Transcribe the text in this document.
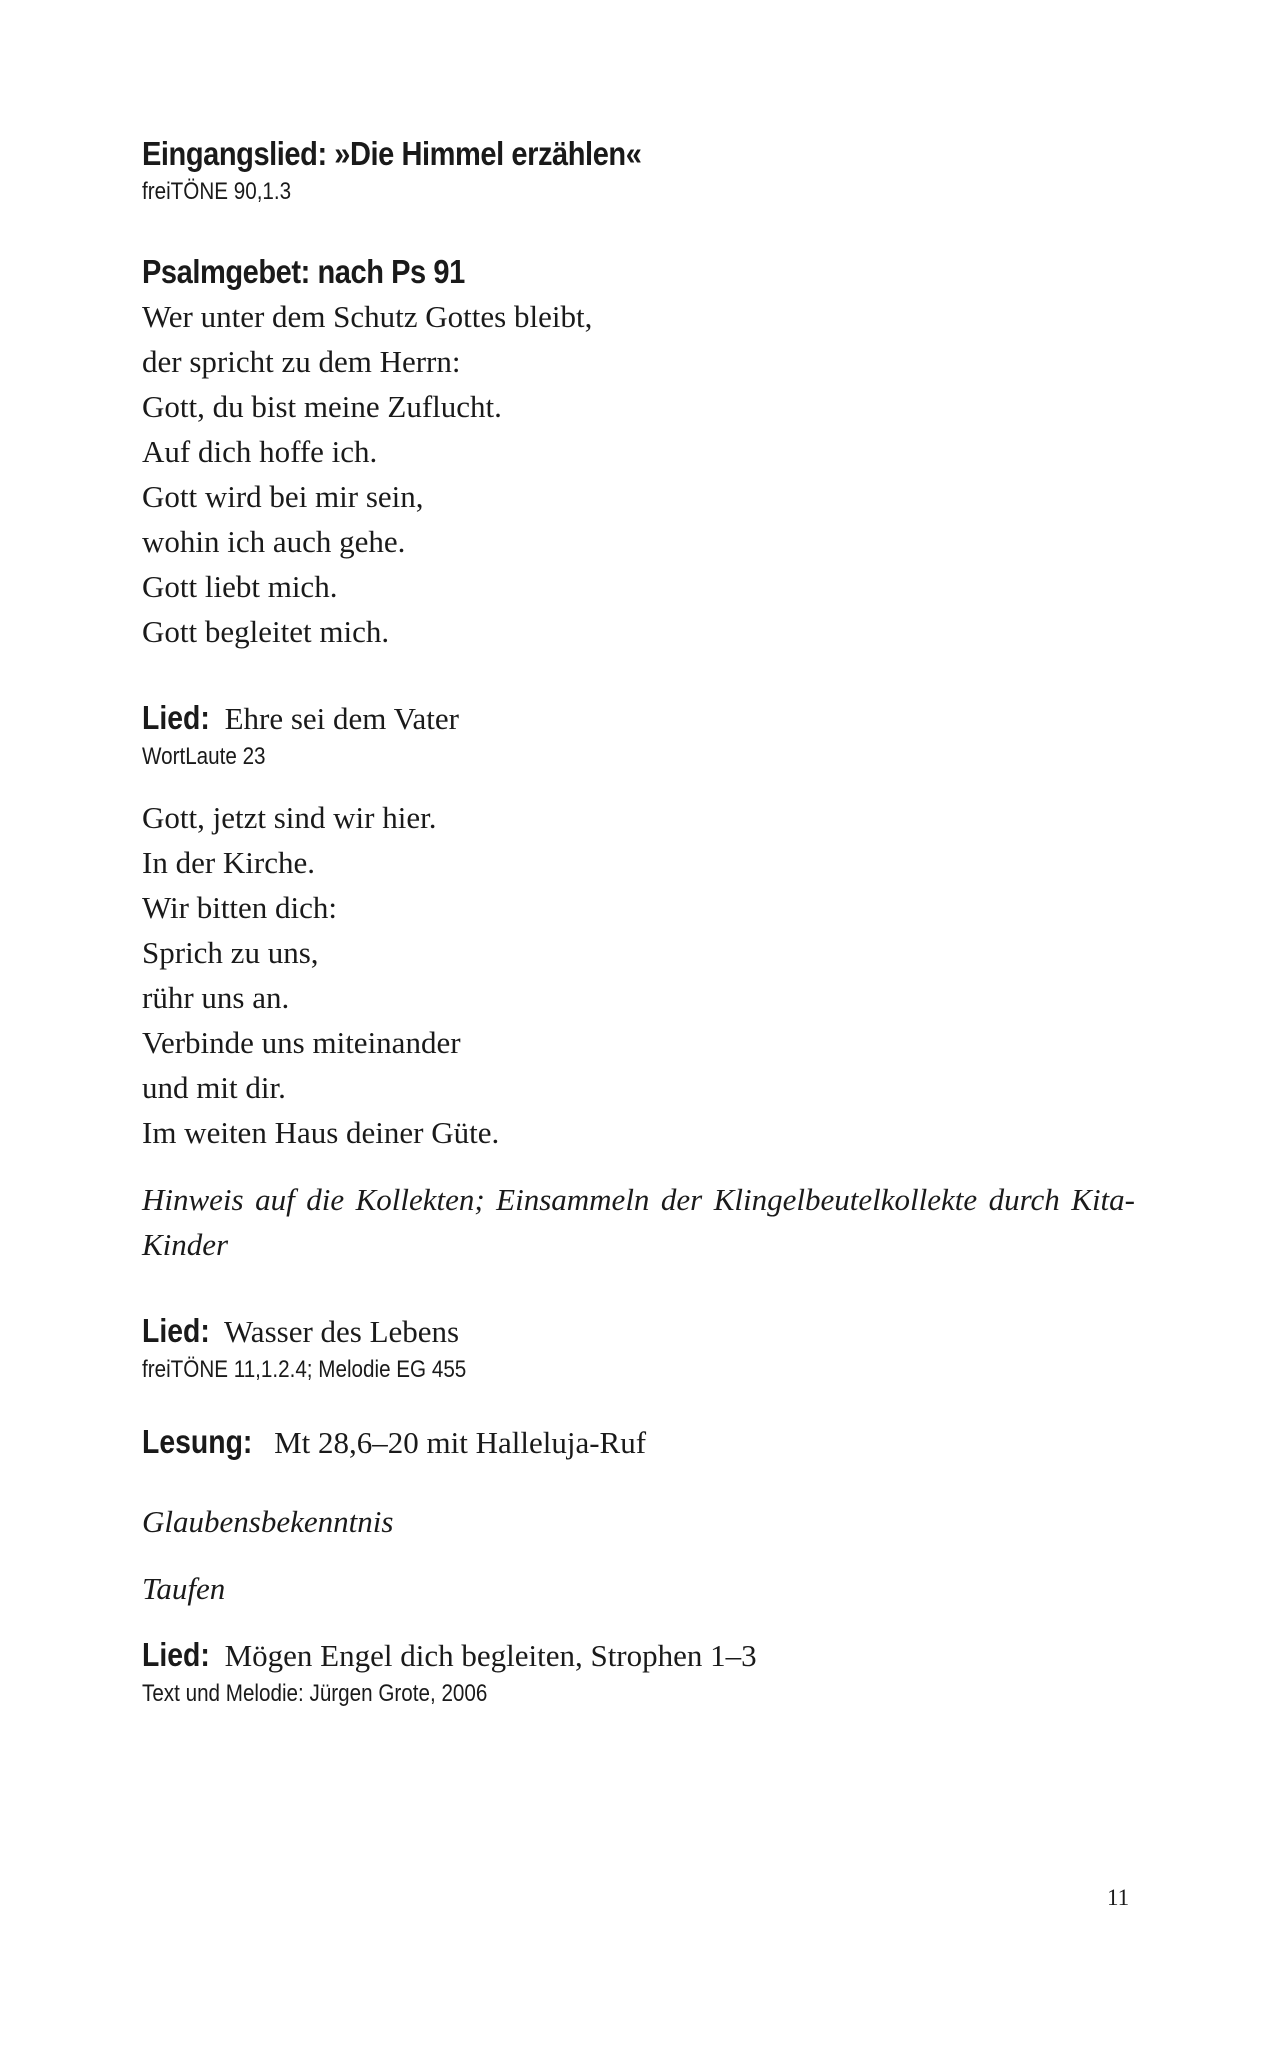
Eingangslied: »Die Himmel erzählen«
freiTÖNE 90,1.3
Psalmgebet: nach Ps 91
Wer unter dem Schutz Gottes bleibt,
der spricht zu dem Herrn:
Gott, du bist meine Zuflucht.
Auf dich hoffe ich.
Gott wird bei mir sein,
wohin ich auch gehe.
Gott liebt mich.
Gott begleitet mich.
Lied: Ehre sei dem Vater
WortLaute 23
Gott, jetzt sind wir hier.
In der Kirche.
Wir bitten dich:
Sprich zu uns,
rühr uns an.
Verbinde uns miteinander
und mit dir.
Im weiten Haus deiner Güte.
Hinweis auf die Kollekten; Einsammeln der Klingelbeutelkollekte durch Kita-Kinder
Lied: Wasser des Lebens
freiTÖNE 11,1.2.4; Melodie EG 455
Lesung: Mt 28,6–20 mit Halleluja-Ruf
Glaubensbekenntnis
Taufen
Lied: Mögen Engel dich begleiten, Strophen 1–3
Text und Melodie: Jürgen Grote, 2006
11
